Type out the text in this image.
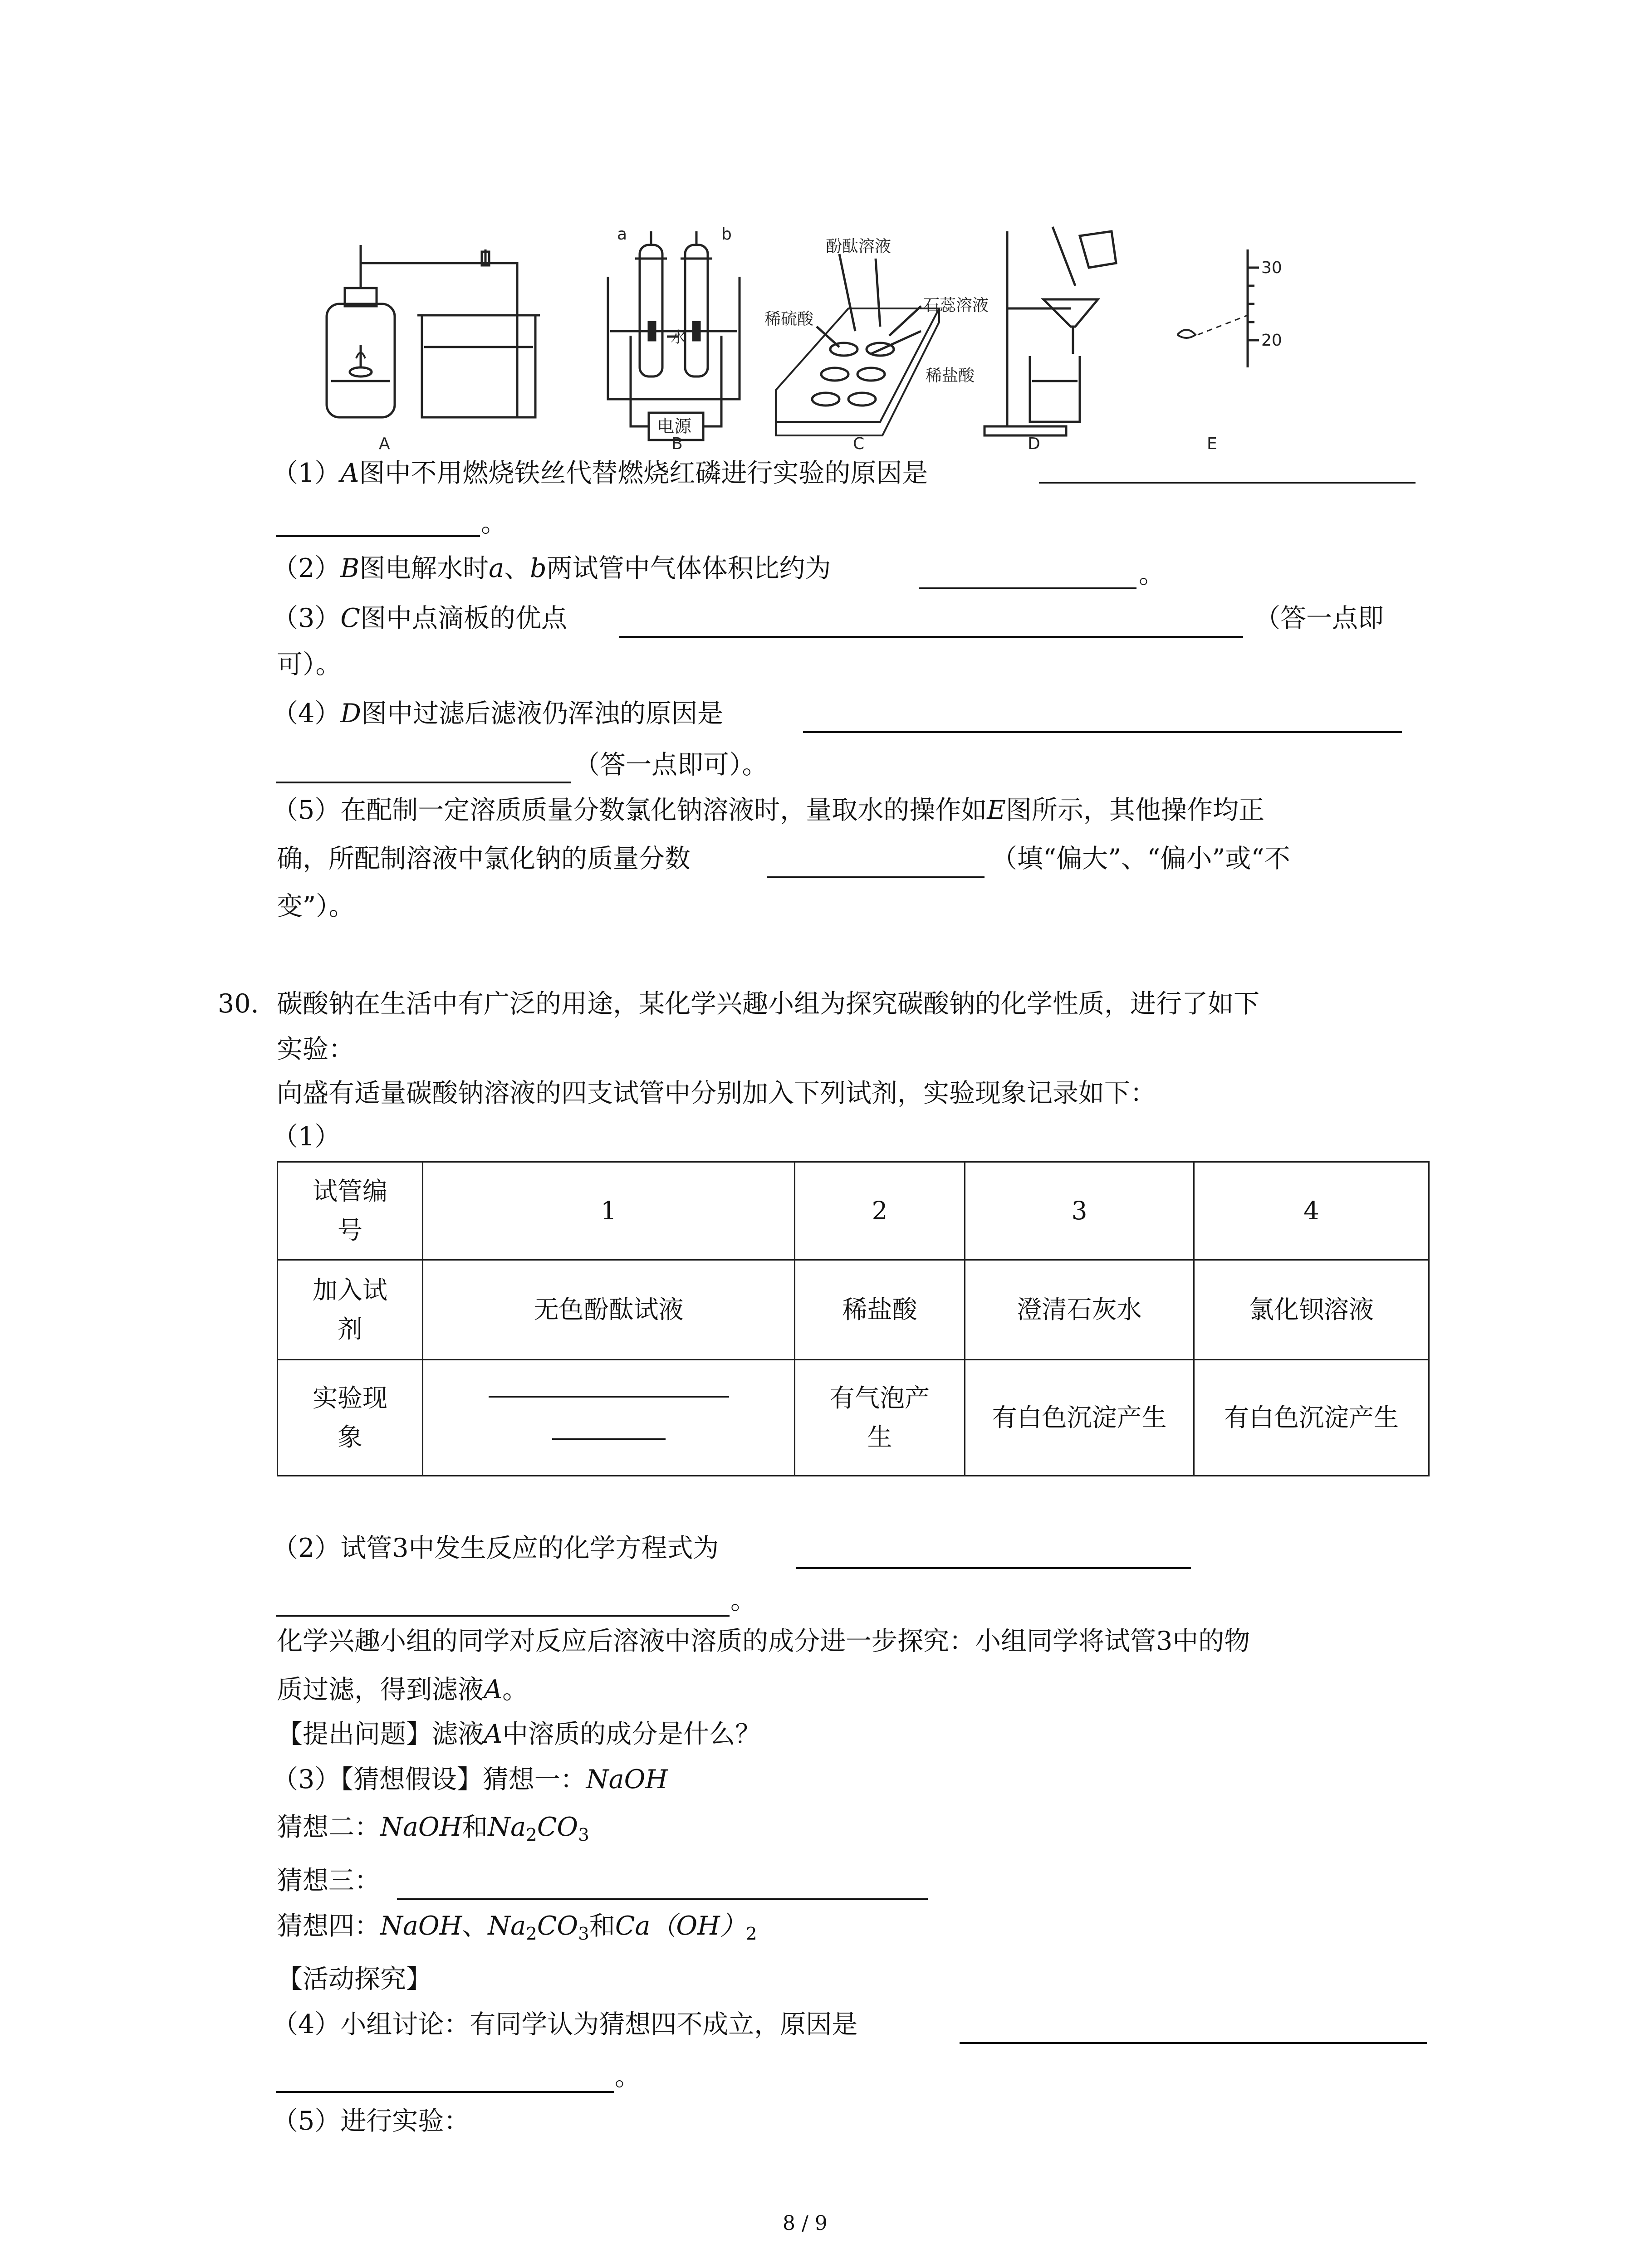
A	B	C	D	E
a	b
水
电源
酚酞溶液
石蕊溶液
稀硫酸
稀盐酸
30
20
（1）A图中不用燃烧铁丝代替燃烧红磷进行实验的原因是
。
（2）B图电解水时a、b两试管中气体体积比约为	。
（3）C图中点滴板的优点	（答一点即
可）。
（4）D图中过滤后滤液仍浑浊的原因是
（答一点即可）。
（5）在配制一定溶质质量分数氯化钠溶液时，量取水的操作如E图所示，其他操作均正
确，所配制溶液中氯化钠的质量分数	（填“偏大”、“偏小”或“不
变”）。
30. 碳酸钠在生活中有广泛的用途，某化学兴趣小组为探究碳酸钠的化学性质，进行了如下
实验：
向盛有适量碳酸钠溶液的四支试管中分别加入下列试剂，实验现象记录如下：
（1）
试管编号	1	2	3	4

加入试剂	无色酚酞试液	稀盐酸	澄清石灰水	氯化钡溶液

实验现象		有气泡产生	有白色沉淀产生	有白色沉淀产生
（2）试管3中发生反应的化学方程式为
。
化学兴趣小组的同学对反应后溶液中溶质的成分进一步探究：小组同学将试管3中的物
质过滤，得到滤液A。
【提出问题】滤液A中溶质的成分是什么？
（3）【猜想假设】猜想一：NaOH
猜想二：NaOH和$Na_2CO_3$
猜想三：
猜想四：NaOH、$Na_2CO_3$和$Ca(OH)_2$
【活动探究】
（4）小组讨论：有同学认为猜想四不成立，原因是
。
（5）进行实验：
8 / 9
